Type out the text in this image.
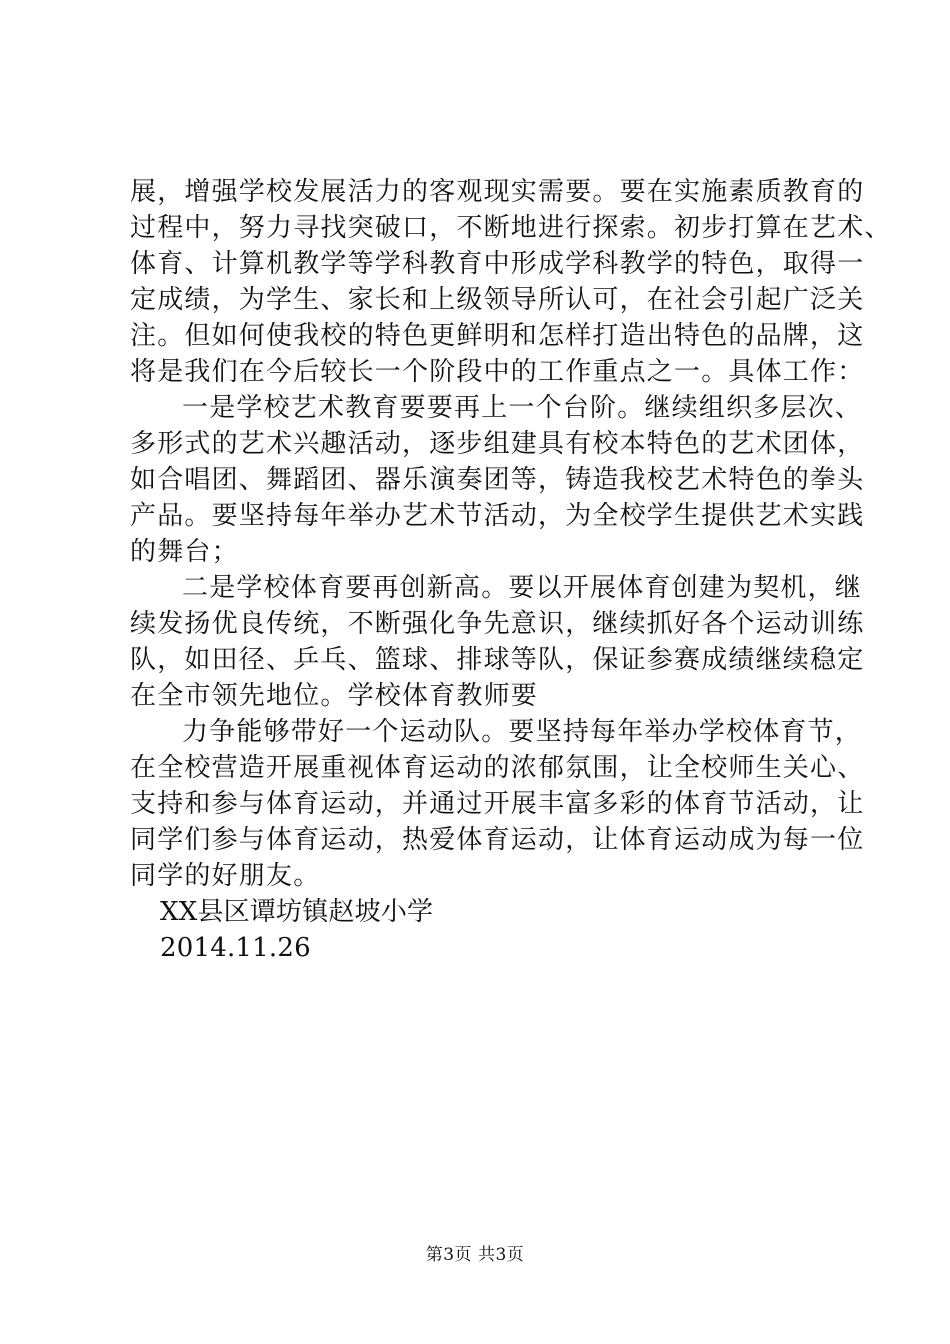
展，增强学校发展活力的客观现实需要。要在实施素质教育的
过程中，努力寻找突破口，不断地进行探索。初步打算在艺术、
体育、计算机教学等学科教育中形成学科教学的特色，取得一
定成绩，为学生、家长和上级领导所认可，在社会引起广泛关
注。但如何使我校的特色更鲜明和怎样打造出特色的品牌，这
将是我们在今后较长一个阶段中的工作重点之一。具体工作：
一是学校艺术教育要要再上一个台阶。继续组织多层次、
多形式的艺术兴趣活动，逐步组建具有校本特色的艺术团体，
如合唱团、舞蹈团、器乐演奏团等，铸造我校艺术特色的拳头
产品。要坚持每年举办艺术节活动，为全校学生提供艺术实践
的舞台；
二是学校体育要再创新高。要以开展体育创建为契机，继
续发扬优良传统，不断强化争先意识，继续抓好各个运动训练
队，如田径、乒乓、篮球、排球等队，保证参赛成绩继续稳定
在全市领先地位。学校体育教师要
力争能够带好一个运动队。要坚持每年举办学校体育节，
在全校营造开展重视体育运动的浓郁氛围，让全校师生关心、
支持和参与体育运动，并通过开展丰富多彩的体育节活动，让
同学们参与体育运动，热爱体育运动，让体育运动成为每一位
同学的好朋友。
XX县区谭坊镇赵坡小学
2014.11.26
第3页 共3页
